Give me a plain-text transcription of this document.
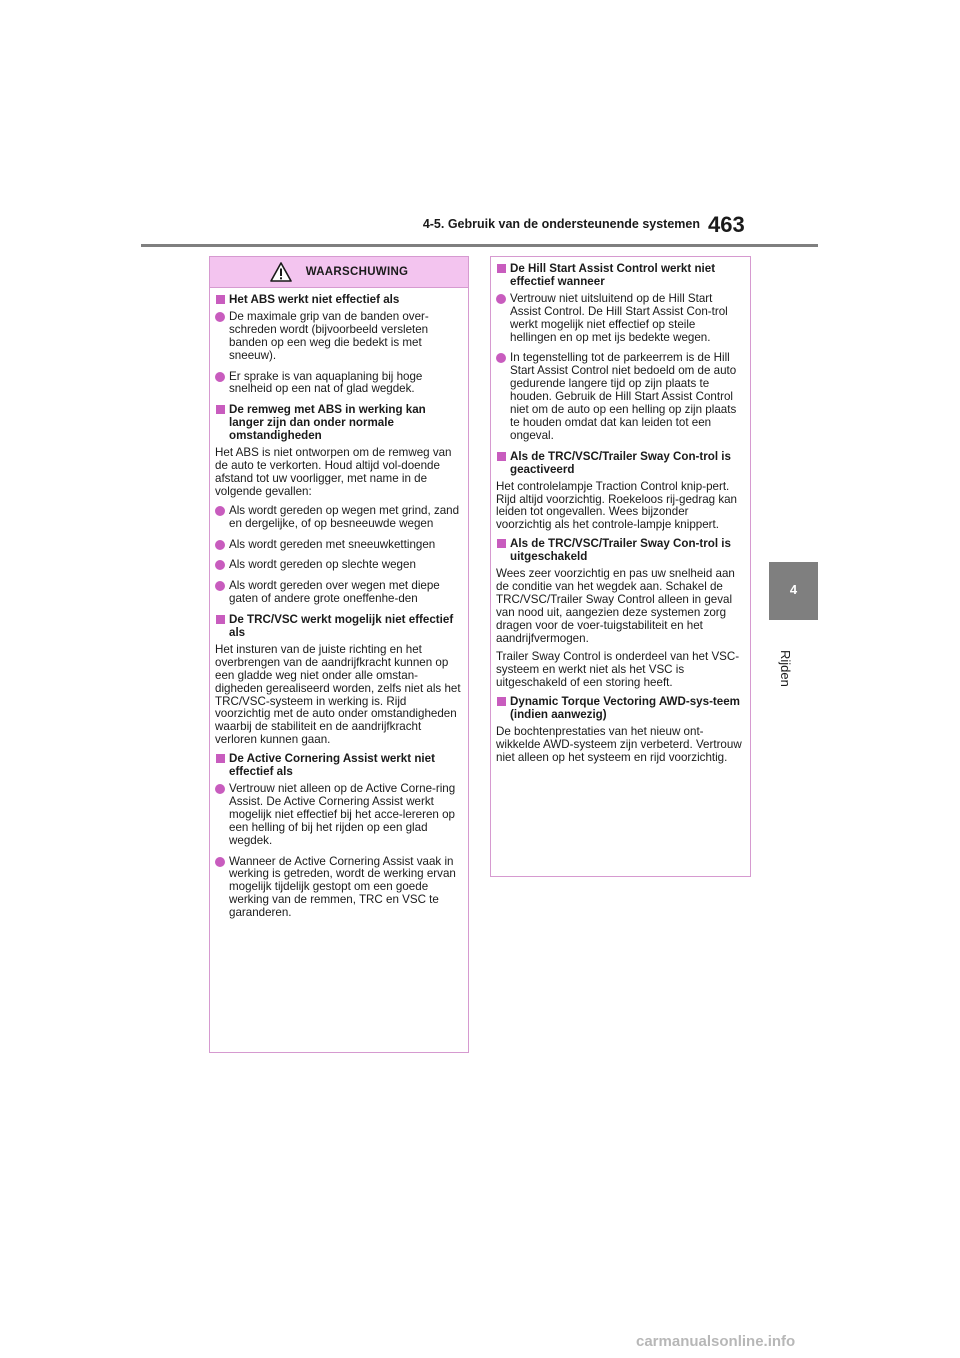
4-5. Gebruik van de ondersteunende systemen 463
4
Rijden
WAARSCHUWING
Het ABS werkt niet effectief als
De maximale grip van de banden over-schreden wordt (bijvoorbeeld versleten banden op een weg die bedekt is met sneeuw).
Er sprake is van aquaplaning bij hoge snelheid op een nat of glad wegdek.
De remweg met ABS in werking kan langer zijn dan onder normale omstandigheden
Het ABS is niet ontworpen om de remweg van de auto te verkorten. Houd altijd vol-doende afstand tot uw voorligger, met name in de volgende gevallen:
Als wordt gereden op wegen met grind, zand en dergelijke, of op besneeuwde wegen
Als wordt gereden met sneeuwkettingen
Als wordt gereden op slechte wegen
Als wordt gereden over wegen met diepe gaten of andere grote oneffenhe-den
De TRC/VSC werkt mogelijk niet effectief als
Het insturen van de juiste richting en het overbrengen van de aandrijfkracht kunnen op een gladde weg niet onder alle omstan-digheden gerealiseerd worden, zelfs niet als het TRC/VSC-systeem in werking is. Rijd voorzichtig met de auto onder omstandigheden waarbij de stabiliteit en de aandrijfkracht verloren kunnen gaan.
De Active Cornering Assist werkt niet effectief als
Vertrouw niet alleen op de Active Corne-ring Assist. De Active Cornering Assist werkt mogelijk niet effectief bij het acce-lereren op een helling of bij het rijden op een glad wegdek.
Wanneer de Active Cornering Assist vaak in werking is getreden, wordt de werking ervan mogelijk tijdelijk gestopt om een goede werking van de remmen, TRC en VSC te garanderen.
De Hill Start Assist Control werkt niet effectief wanneer
Vertrouw niet uitsluitend op de Hill Start Assist Control. De Hill Start Assist Con-trol werkt mogelijk niet effectief op steile hellingen en op met ijs bedekte wegen.
In tegenstelling tot de parkeerrem is de Hill Start Assist Control niet bedoeld om de auto gedurende langere tijd op zijn plaats te houden. Gebruik de Hill Start Assist Control niet om de auto op een helling op zijn plaats te houden omdat dat kan leiden tot een ongeval.
Als de TRC/VSC/Trailer Sway Con-trol is geactiveerd
Het controlelampje Traction Control knip-pert. Rijd altijd voorzichtig. Roekeloos rij-gedrag kan leiden tot ongevallen. Wees bijzonder voorzichtig als het controle-lampje knippert.
Als de TRC/VSC/Trailer Sway Con-trol is uitgeschakeld
Wees zeer voorzichtig en pas uw snelheid aan de conditie van het wegdek aan. Schakel de TRC/VSC/Trailer Sway Control alleen in geval van nood uit, aangezien deze systemen zorg dragen voor de voer-tuigstabiliteit en het aandrijfvermogen.
Trailer Sway Control is onderdeel van het VSC-systeem en werkt niet als het VSC is uitgeschakeld of een storing heeft.
Dynamic Torque Vectoring AWD-sys-teem (indien aanwezig)
De bochtenprestaties van het nieuw ont-wikkelde AWD-systeem zijn verbeterd. Vertrouw niet alleen op het systeem en rijd voorzichtig.
carmanualsonline.info
